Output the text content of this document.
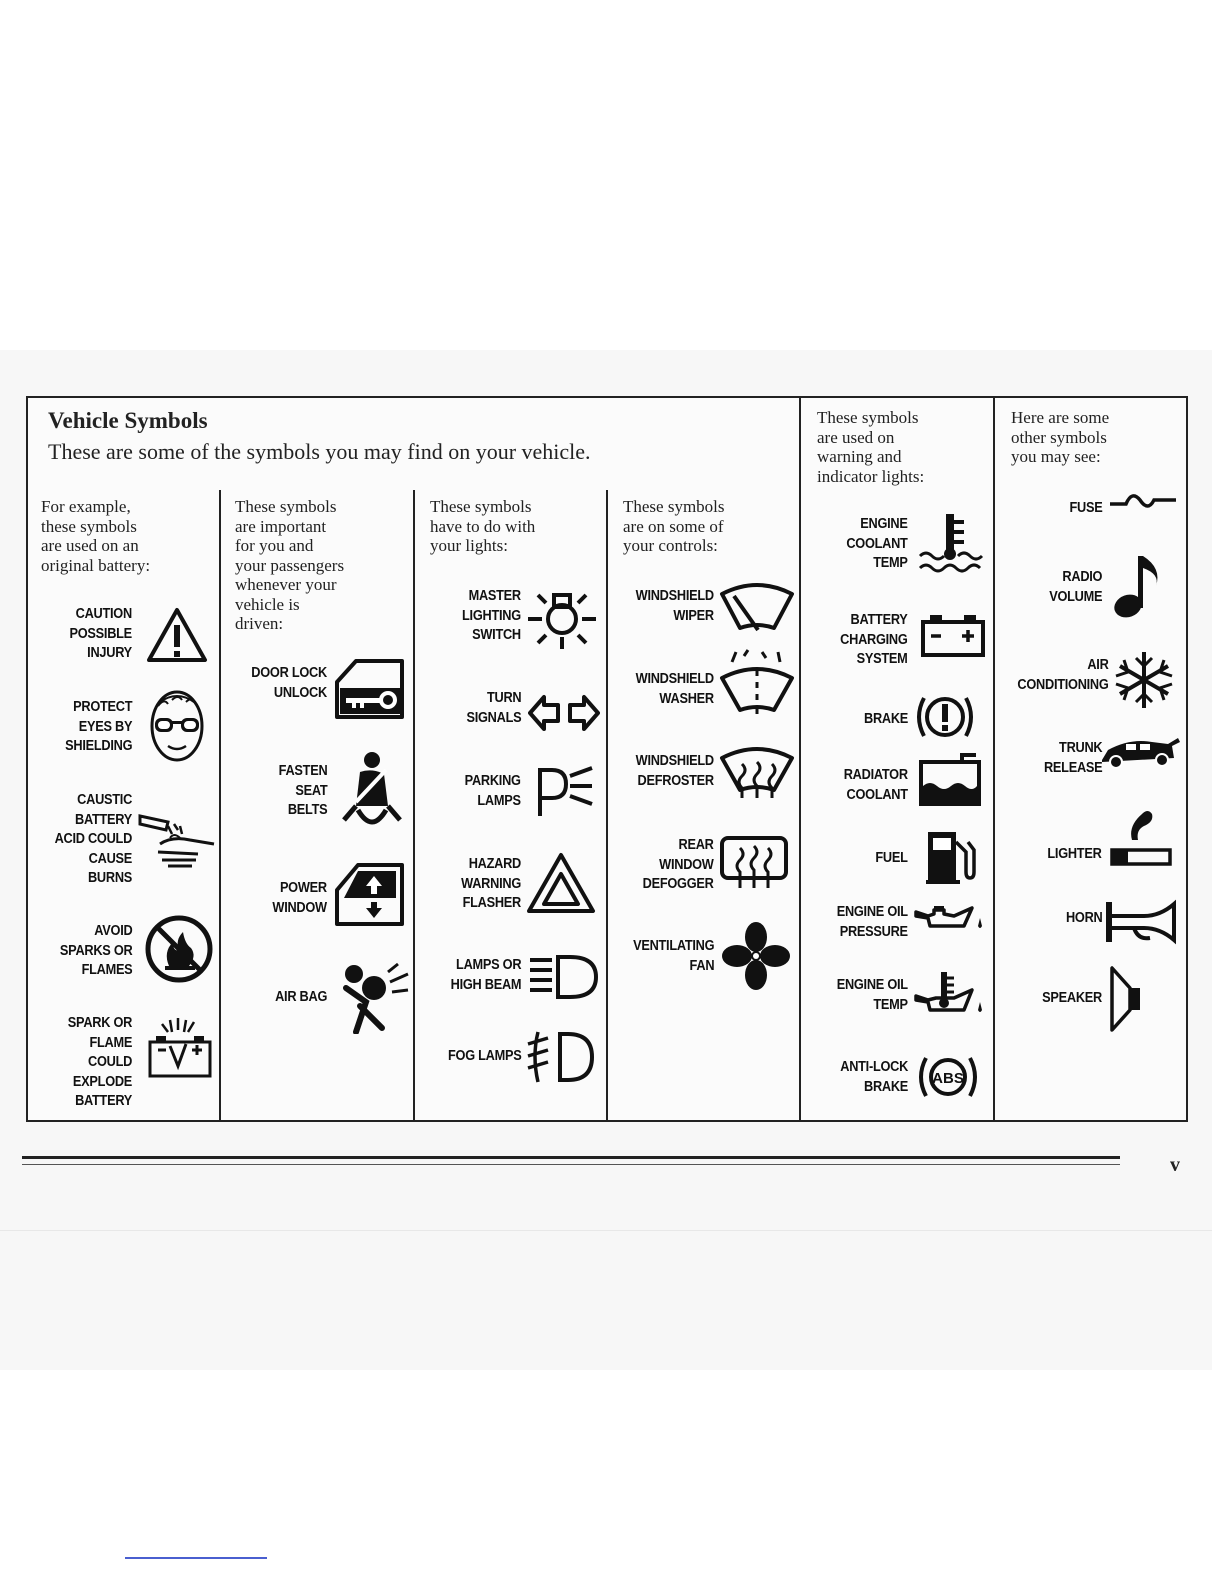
Vehicle Symbols
These are some of the symbols you may find on your vehicle.
For example,
these symbols
are used on an
original battery:
These symbols
are important
for you and
your passengers
whenever your
vehicle is
driven:
These symbols
have to do with
your lights:
These symbols
are on some of
your controls:
These symbols
are used on
warning and
indicator lights:
Here are some
other symbols
you may see:
CAUTION
POSSIBLE
INJURY
PROTECT
EYES BY
SHIELDING
CAUSTIC
BATTERY
ACID COULD
CAUSE
BURNS
AVOID
SPARKS OR
FLAMES
SPARK OR
FLAME
COULD
EXPLODE
BATTERY
DOOR LOCK
UNLOCK
FASTEN
SEAT
BELTS
POWER
WINDOW
AIR BAG
MASTER
LIGHTING
SWITCH
TURN
SIGNALS
PARKING
LAMPS
HAZARD
WARNING
FLASHER
LAMPS OR
HIGH BEAM
FOG LAMPS
WINDSHIELD
WIPER
WINDSHIELD
WASHER
WINDSHIELD
DEFROSTER
REAR
WINDOW
DEFOGGER
VENTILATING
FAN
ENGINE
COOLANT
TEMP
BATTERY
CHARGING
SYSTEM
BRAKE
RADIATOR
COOLANT
FUEL
ENGINE OIL
PRESSURE
ENGINE OIL
TEMP
ANTI-LOCK
BRAKE ABS
FUSE
RADIO
VOLUME
AIR
CONDITIONING
TRUNK
RELEASE
LIGHTER
HORN
SPEAKER
v
